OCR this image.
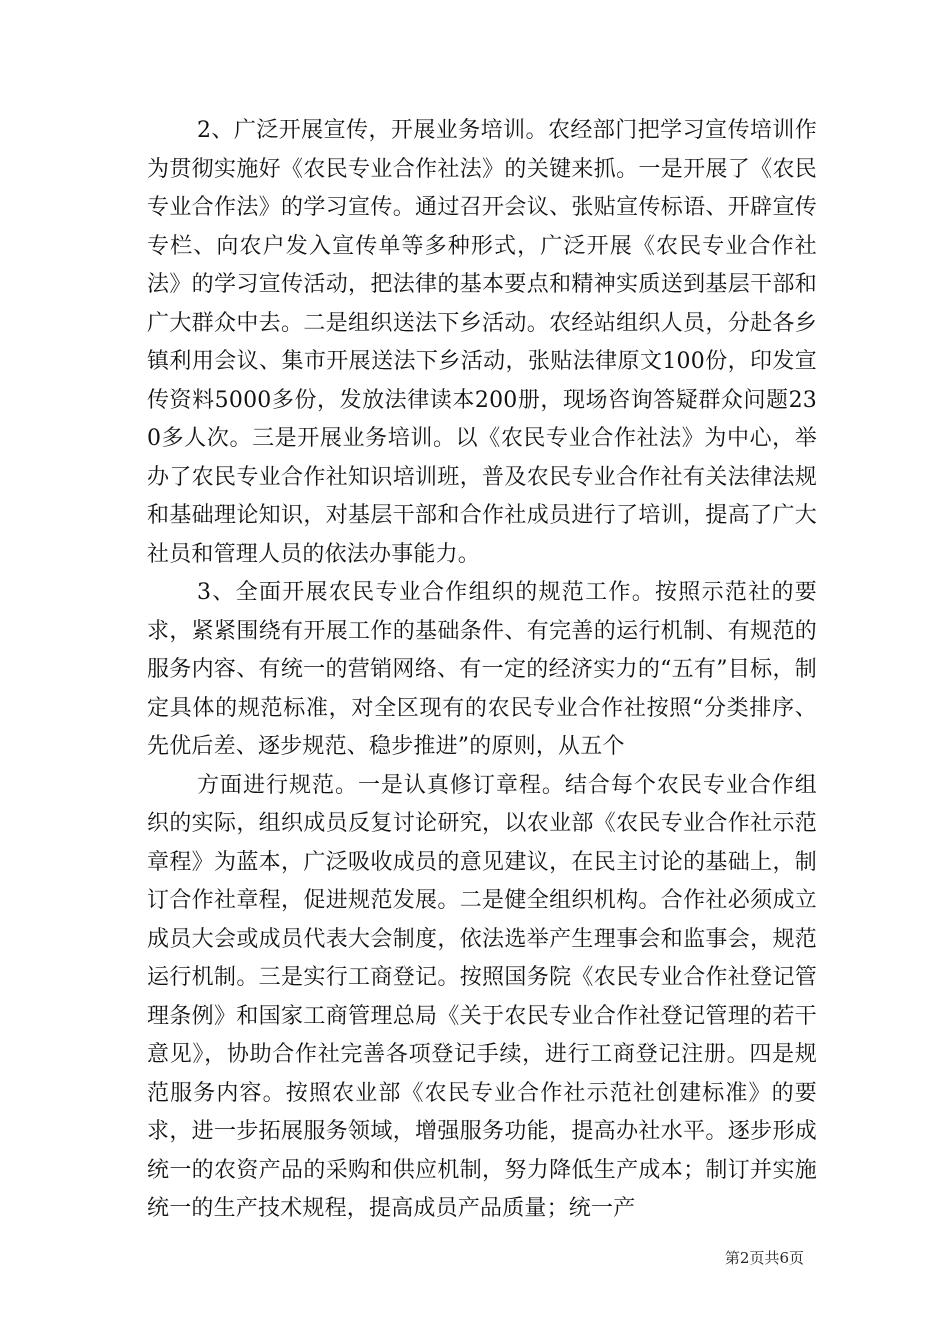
2、广泛开展宣传，开展业务培训。农经部门把学习宣传培训作为贯彻实施好《农民专业合作社法》的关键来抓。一是开展了《农民专业合作法》的学习宣传。通过召开会议、张贴宣传标语、开辟宣传专栏、向农户发入宣传单等多种形式，广泛开展《农民专业合作社法》的学习宣传活动，把法律的基本要点和精神实质送到基层干部和广大群众中去。二是组织送法下乡活动。农经站组织人员，分赴各乡镇利用会议、集市开展送法下乡活动，张贴法律原文100份，印发宣传资料5000多份，发放法律读本200册，现场咨询答疑群众问题230多人次。三是开展业务培训。以《农民专业合作社法》为中心，举办了农民专业合作社知识培训班，普及农民专业合作社有关法律法规和基础理论知识，对基层干部和合作社成员进行了培训，提高了广大社员和管理人员的依法办事能力。

3、全面开展农民专业合作组织的规范工作。按照示范社的要求，紧紧围绕有开展工作的基础条件、有完善的运行机制、有规范的服务内容、有统一的营销网络、有一定的经济实力的“五有”目标，制定具体的规范标准，对全区现有的农民专业合作社按照“分类排序、先优后差、逐步规范、稳步推进”的原则，从五个

方面进行规范。一是认真修订章程。结合每个农民专业合作组织的实际，组织成员反复讨论研究，以农业部《农民专业合作社示范章程》为蓝本，广泛吸收成员的意见建议，在民主讨论的基础上，制订合作社章程，促进规范发展。二是健全组织机构。合作社必须成立成员大会或成员代表大会制度，依法选举产生理事会和监事会，规范运行机制。三是实行工商登记。按照国务院《农民专业合作社登记管理条例》和国家工商管理总局《关于农民专业合作社登记管理的若干意见》，协助合作社完善各项登记手续，进行工商登记注册。四是规范服务内容。按照农业部《农民专业合作社示范社创建标准》的要求，进一步拓展服务领域，增强服务功能，提高办社水平。逐步形成统一的农资产品的采购和供应机制，努力降低生产成本；制订并实施统一的生产技术规程，提高成员产品质量；统一产

第2页共6页
